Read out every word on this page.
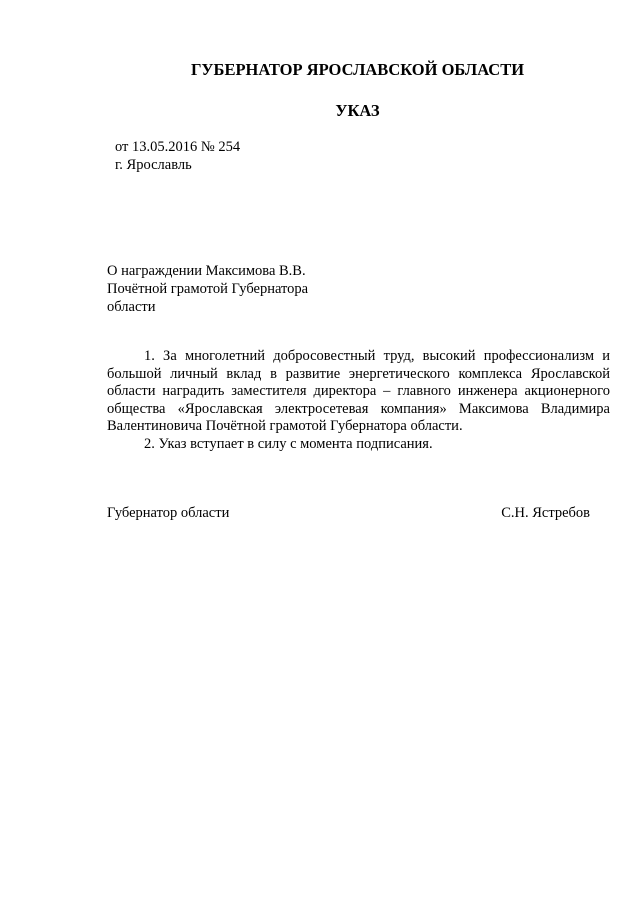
ГУБЕРНАТОР ЯРОСЛАВСКОЙ ОБЛАСТИ
УКАЗ
от 13.05.2016 № 254
г. Ярославль
О награждении Максимова В.В.
Почётной грамотой Губернатора
области

1. За многолетний добросовестный труд, высокий профессионализм и большой личный вклад в развитие энергетического комплекса Ярославской области наградить заместителя директора – главного инженера акционерного общества «Ярославская электросетевая компания» Максимова Владимира Валентиновича Почётной грамотой Губернатора области.

2. Указ вступает в силу с момента подписания.

Губернатор области	С.Н. Ястребов
